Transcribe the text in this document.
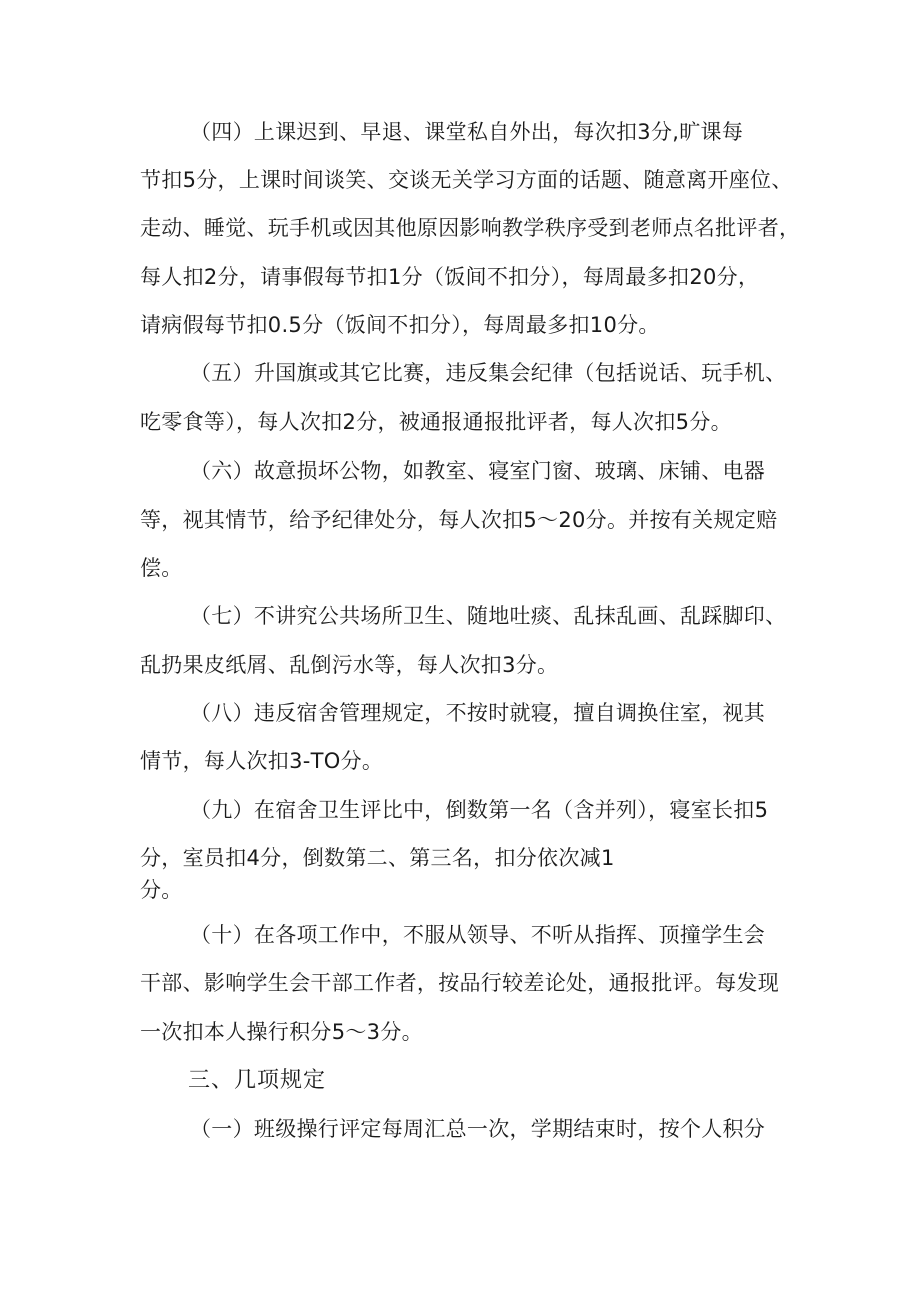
（四）上课迟到、早退、课堂私自外出，每次扣3分,旷课每
节扣5分，上课时间谈笑、交谈无关学习方面的话题、随意离开座位、
走动、睡觉、玩手机或因其他原因影响教学秩序受到老师点名批评者，
每人扣2分，请事假每节扣1分（饭间不扣分），每周最多扣20分，
请病假每节扣0.5分（饭间不扣分），每周最多扣10分。
（五）升国旗或其它比赛，违反集会纪律（包括说话、玩手机、
吃零食等），每人次扣2分，被通报通报批评者，每人次扣5分。
（六）故意损坏公物，如教室、寝室门窗、玻璃、床铺、电器
等，视其情节，给予纪律处分，每人次扣5〜20分。并按有关规定赔
偿。
（七）不讲究公共场所卫生、随地吐痰、乱抹乱画、乱踩脚印、
乱扔果皮纸屑、乱倒污水等，每人次扣3分。
（八）违反宿舍管理规定，不按时就寝，擅自调换住室，视其
情节，每人次扣3-TO分。
（九）在宿舍卫生评比中，倒数第一名（含并列），寝室长扣5
分，室员扣4分，倒数第二、第三名，扣分依次减1
分。
（十）在各项工作中，不服从领导、不听从指挥、顶撞学生会
干部、影响学生会干部工作者，按品行较差论处，通报批评。每发现
一次扣本人操行积分5〜3分。
三、几项规定
（一）班级操行评定每周汇总一次，学期结束时，按个人积分
